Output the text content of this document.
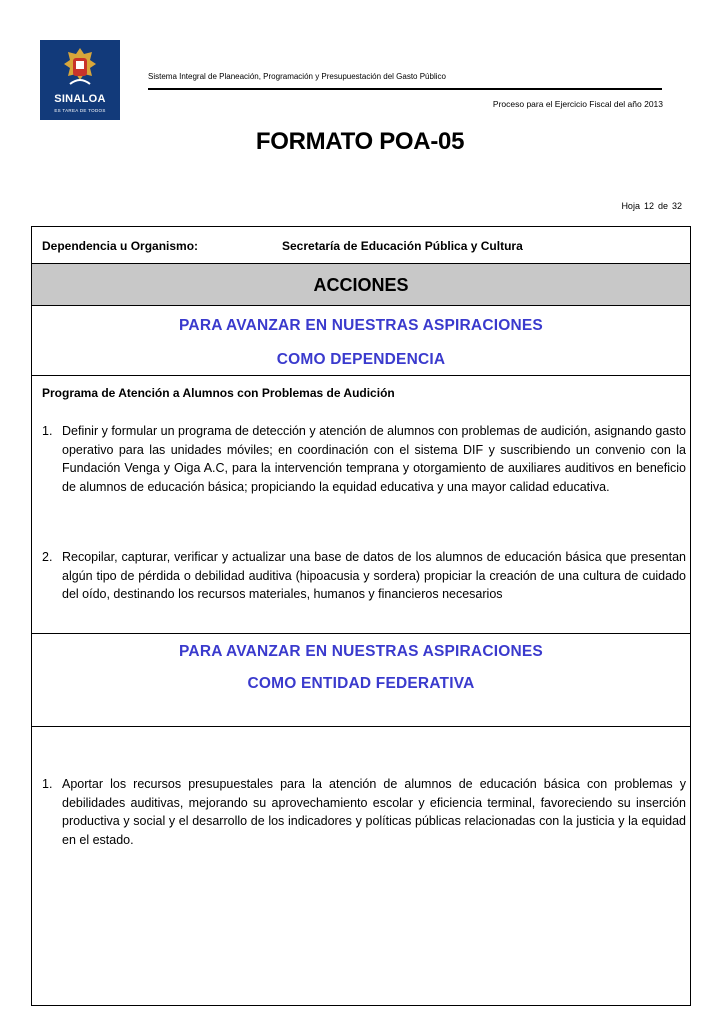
SINALOA
ES TAREA DE TODOS
Sistema Integral de Planeación, Programación y Presupuestación del Gasto Público
Proceso para el Ejercicio Fiscal del año 2013
FORMATO POA-05
Hoja 12 de 32
Dependencia u Organismo:	Secretaría de Educación Pública y Cultura
ACCIONES
PARA AVANZAR EN NUESTRAS ASPIRACIONES
COMO DEPENDENCIA
Programa de Atención a Alumnos con Problemas de Audición
1. Definir y formular un programa de detección y atención de alumnos con problemas de audición, asignando gasto operativo para las unidades móviles; en coordinación con el sistema DIF y suscribiendo un convenio con la Fundación Venga y Oiga A.C, para la intervención temprana y otorgamiento de auxiliares auditivos en beneficio de alumnos de educación básica; propiciando la equidad educativa y una mayor calidad educativa.
2. Recopilar, capturar, verificar y actualizar una base de datos de los alumnos de educación básica que presentan algún tipo de pérdida o debilidad auditiva (hipoacusia y sordera) propiciar la creación de una cultura de cuidado del oído, destinando los recursos materiales, humanos y financieros necesarios
PARA AVANZAR EN NUESTRAS ASPIRACIONES
COMO ENTIDAD FEDERATIVA
1. Aportar los recursos presupuestales para la atención de alumnos de educación básica con problemas y debilidades auditivas, mejorando su aprovechamiento escolar y eficiencia terminal, favoreciendo su inserción productiva y social y el desarrollo de los indicadores y políticas públicas relacionadas con la justicia y la equidad en el estado.
